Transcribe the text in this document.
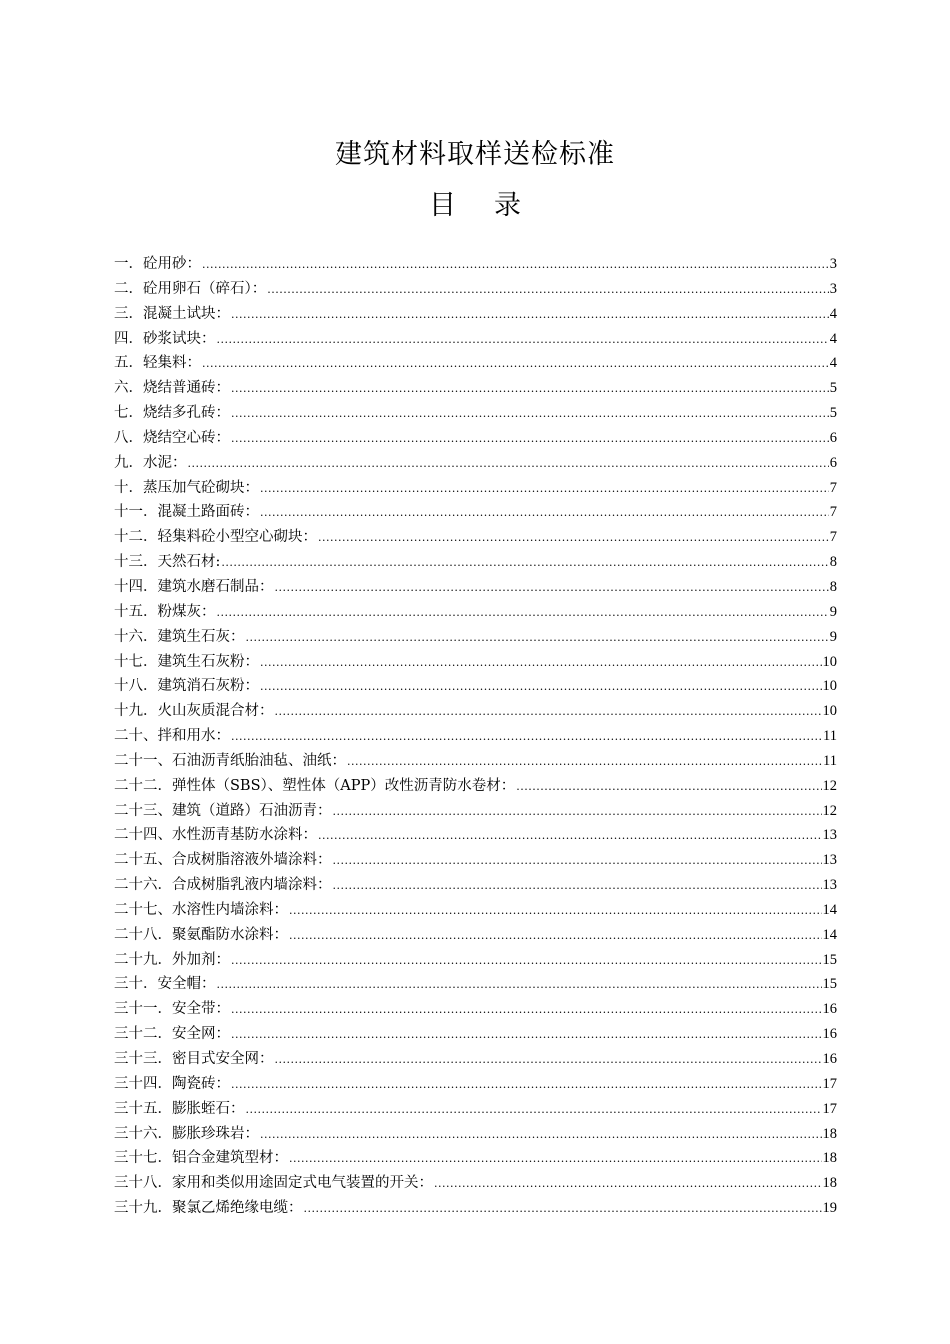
建筑材料取样送检标准
目录
一．砼用砂： .....	3
二．砼用卵石（碎石）： .....	3
三．混凝土试块： .....	4
四．砂浆试块： .....	4
五．轻集料： .....	4
六．烧结普通砖： .....	5
七．烧结多孔砖： .....	5
八．烧结空心砖： .....	6
九．水泥： .....	6
十．蒸压加气砼砌块： .....	7
十一．混凝土路面砖： .....	7
十二．轻集料砼小型空心砌块： .....	7
十三．天然石材: .....	8
十四．建筑水磨石制品： .....	8
十五．粉煤灰： .....	9
十六．建筑生石灰： .....	9
十七．建筑生石灰粉： .....	10
十八．建筑消石灰粉： .....	10
十九．火山灰质混合材： .....	10
二十、拌和用水： .....	11
二十一、石油沥青纸胎油毡、油纸： .....	11
二十二．弹性体（SBS）、塑性体（APP）改性沥青防水卷材： .....	12
二十三、建筑（道路）石油沥青： .....	12
二十四、水性沥青基防水涂料： .....	13
二十五、合成树脂溶液外墙涂料： .....	13
二十六．合成树脂乳液内墙涂料： .....	13
二十七、水溶性内墙涂料： .....	14
二十八．聚氨酯防水涂料： .....	14
二十九．外加剂： .....	15
三十．安全帽： .....	15
三十一．安全带： .....	16
三十二．安全网： .....	16
三十三．密目式安全网： .....	16
三十四．陶瓷砖： .....	17
三十五．膨胀蛭石： .....	17
三十六．膨胀珍珠岩： .....	18
三十七．铝合金建筑型材： .....	18
三十八．家用和类似用途固定式电气装置的开关： .....	18
三十九．聚氯乙烯绝缘电缆： .....	19
